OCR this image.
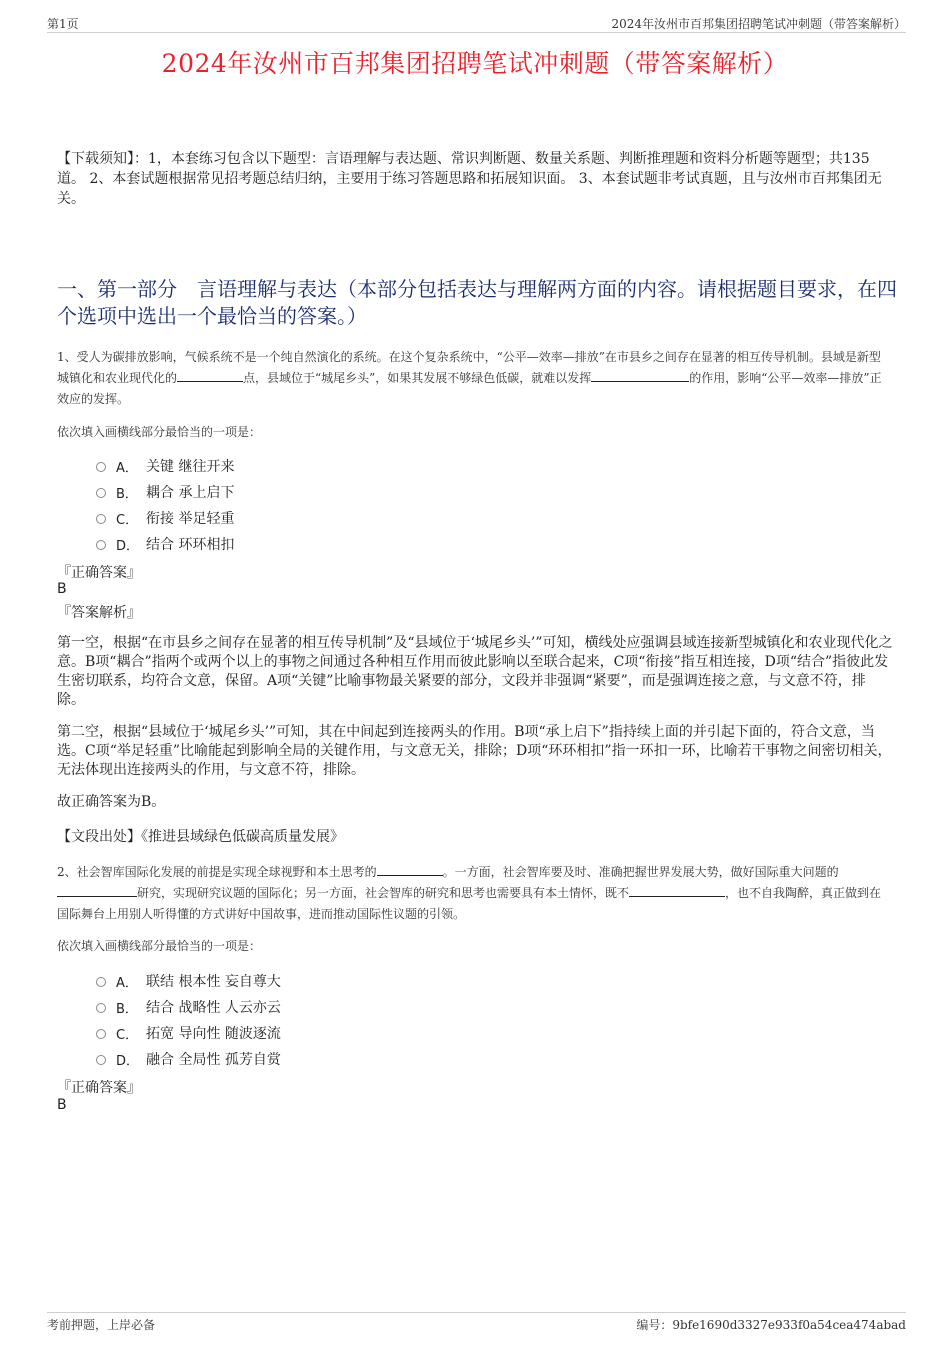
第1页	2024年汝州市百邦集团招聘笔试冲刺题（带答案解析）
2024年汝州市百邦集团招聘笔试冲刺题（带答案解析）
【下载须知】：1，本套练习包含以下题型：言语理解与表达题、常识判断题、数量关系题、判断推理题和资料分析题等题型；共135道。 2、本套试题根据常见招考题总结归纳，主要用于练习答题思路和拓展知识面。 3、本套试题非考试真题，且与汝州市百邦集团无关。
一、第一部分　言语理解与表达（本部分包括表达与理解两方面的内容。请根据题目要求，在四个选项中选出一个最恰当的答案。）
1、受人为碳排放影响，气候系统不是一个纯自然演化的系统。在这个复杂系统中，“公平—效率—排放”在市县乡之间存在显著的相互传导机制。县域是新型城镇化和农业现代化的	点，县域位于“城尾乡头”，如果其发展不够绿色低碳，就难以发挥	的作用，影响“公平—效率—排放”正效应的发挥。
依次填入画横线部分最恰当的一项是：
A． 关键 继往开来
B． 耦合 承上启下
C． 衔接 举足轻重
D． 结合 环环相扣
『正确答案』
B
『答案解析』
第一空，根据“在市县乡之间存在显著的相互传导机制”及“县域位于‘城尾乡头’”可知，横线处应强调县域连接新型城镇化和农业现代化之意。B项“耦合”指两个或两个以上的事物之间通过各种相互作用而彼此影响以至联合起来，C项“衔接”指互相连接，D项“结合”指彼此发生密切联系，均符合文意，保留。A项“关键”比喻事物最关紧要的部分，文段并非强调“紧要”，而是强调连接之意，与文意不符，排除。
第二空，根据“县域位于‘城尾乡头’”可知，其在中间起到连接两头的作用。B项“承上启下”指持续上面的并引起下面的，符合文意，当选。C项“举足轻重”比喻能起到影响全局的关键作用，与文意无关，排除；D项“环环相扣”指一环扣一环，比喻若干事物之间密切相关，无法体现出连接两头的作用，与文意不符，排除。
故正确答案为B。
【文段出处】《推进县域绿色低碳高质量发展》
2、社会智库国际化发展的前提是实现全球视野和本土思考的	。一方面，社会智库要及时、准确把握世界发展大势，做好国际重大问题的研究，实现研究议题的国际化；另一方面，社会智库的研究和思考也需要具有本土情怀，既不	，也不自我陶醉，真正做到在国际舞台上用别人听得懂的方式讲好中国故事，进而推动国际性议题的引领。
依次填入画横线部分最恰当的一项是：
A． 联结 根本性 妄自尊大
B． 结合 战略性 人云亦云
C． 拓宽 导向性 随波逐流
D． 融合 全局性 孤芳自赏
『正确答案』
B
考前押题，上岸必备	编号：9bfe1690d3327e933f0a54cea474abad
